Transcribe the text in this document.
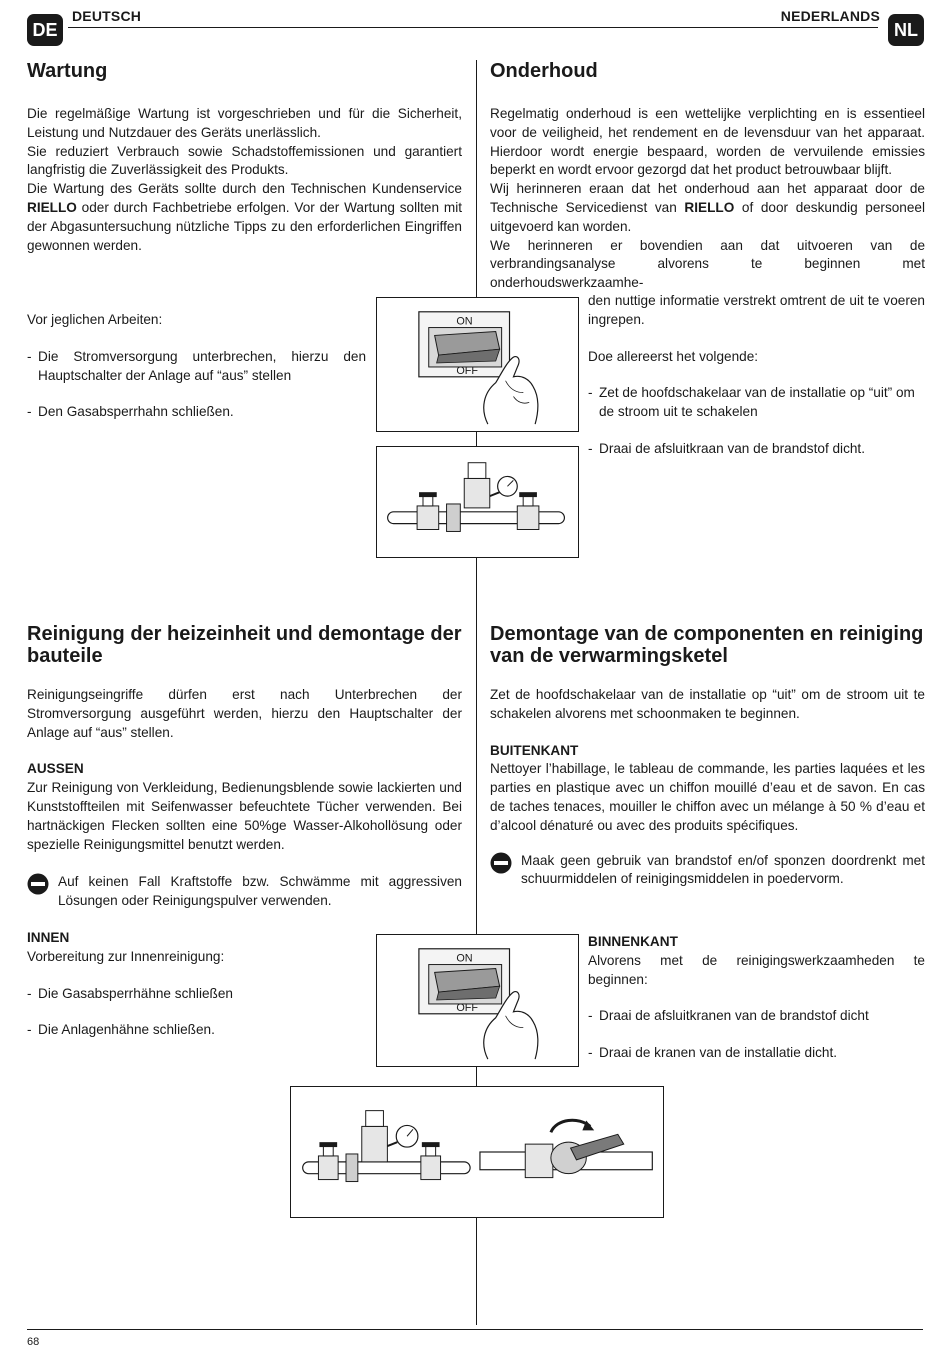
DE
DEUTSCH	NEDERLANDS
NL
Wartung

Die regelmäßige Wartung ist vorgeschrieben und für die Sicherheit, Leistung und Nutzdauer des Geräts unerlässlich.

Sie reduziert Verbrauch sowie Schadstoffemissionen und garantiert langfristig die Zuverlässigkeit des Produkts.

Die Wartung des Geräts sollte durch den Technischen Kundenservice RIELLO oder durch Fachbetriebe erfolgen. Vor der Wartung sollten mit der Abgasuntersuchung nützliche Tipps zu den erforderlichen Eingriffen gewonnen werden.

Vor jeglichen Arbeiten:

- Die Stromversorgung unterbrechen, hierzu den Hauptschalter der Anlage auf “aus” stellen

- Den Gasabsperrhahn schließen.

Onderhoud

Regelmatig onderhoud is een wettelijke verplichting en is essentieel voor de veiligheid, het rendement en de levensduur van het apparaat. Hierdoor wordt energie bespaard, worden de vervuilende emissies beperkt en wordt ervoor gezorgd dat het product betrouwbaar blijft.

Wij herinneren eraan dat het onderhoud aan het apparaat door de Technische Servicedienst van RIELLO of door deskundig personeel uitgevoerd kan worden.

We herinneren er bovendien aan dat uitvoeren van de verbrandingsanalyse alvorens te beginnen met onderhoudswerkzaamhe-

den nuttige informatie verstrekt omtrent de uit te voeren ingrepen.

Doe allereerst het volgende:

- Zet de hoofdschakelaar van de installatie op “uit” om de stroom uit te schakelen

- Draai de afsluitkraan van de brandstof dicht.

ON
OFF
Reinigung der heizeinheit und demontage der bauteile

Reinigungseingriffe dürfen erst nach Unterbrechen der Stromversorgung ausgeführt werden, hierzu den Hauptschalter der Anlage auf “aus” stellen.

AUSSEN

Zur Reinigung von Verkleidung, Bedienungsblende sowie lackierten und Kunststoffteilen mit Seifenwasser befeuchtete Tücher verwenden. Bei hartnäckigen Flecken sollten eine 50%ge Wasser-Alkohollösung oder spezielle Reinigungsmittel benutzt werden.

Auf keinen Fall Kraftstoffe bzw. Schwämme mit aggressiven Lösungen oder Reinigungspulver verwenden.

INNEN

Vorbereitung zur Innenreinigung:

- Die Gasabsperrhähne schließen

- Die Anlagenhähne schließen.

Demontage van de componenten en reiniging van de verwarmingsketel

Zet de hoofdschakelaar van de installatie op “uit” om de stroom uit te schakelen alvorens met schoonmaken te beginnen.

BUITENKANT

Nettoyer l’habillage, le tableau de commande, les parties laquées et les parties en plastique avec un chiffon mouillé d’eau et de savon. En cas de taches tenaces, mouiller le chiffon avec un mélange à 50 % d’eau et d’alcool dénaturé ou avec des produits spécifiques.

Maak geen gebruik van brandstof en/of sponzen doordrenkt met schuurmiddelen of reinigingsmiddelen in poedervorm.

BINNENKANT

Alvorens met de reinigingswerkzaamheden te beginnen:

- Draai de afsluitkranen van de brandstof dicht

- Draai de kranen van de installatie dicht.

ON
OFF
68
